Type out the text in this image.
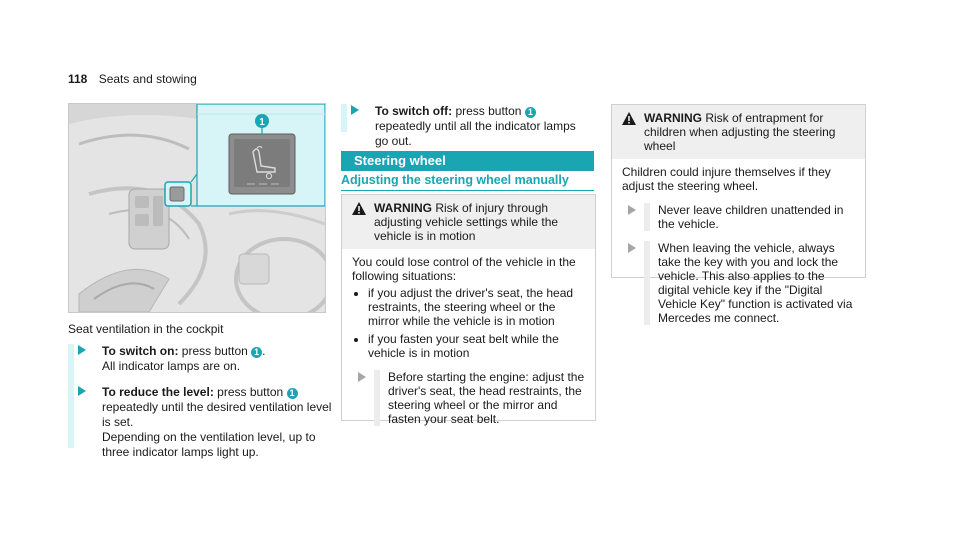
118 Seats and stowing
1
Seat ventilation in the cockpit
To switch on: press button 1 .
All indicator lamps are on.
To reduce the level: press button 1
repeatedly until the desired ventilation level is set.
Depending on the ventilation level, up to three indicator lamps light up.
To switch off: press button 1 repeatedly until all the indicator lamps go out.
Steering wheel
Adjusting the steering wheel manually
WARNING Risk of injury through adjusting vehicle settings while the vehicle is in motion
You could lose control of the vehicle in the following situations:
• if you adjust the driver's seat, the head restraints, the steering wheel or the mirror while the vehicle is in motion
• if you fasten your seat belt while the vehicle is in motion
Before starting the engine: adjust the driver's seat, the head restraints, the steering wheel or the mirror and fasten your seat belt.
WARNING Risk of entrapment for children when adjusting the steering wheel
Children could injure themselves if they adjust the steering wheel.
Never leave children unattended in the vehicle.
When leaving the vehicle, always take the key with you and lock the vehicle. This also applies to the digital vehicle key if the "Digital Vehicle Key" function is activated via Mercedes me connect.
